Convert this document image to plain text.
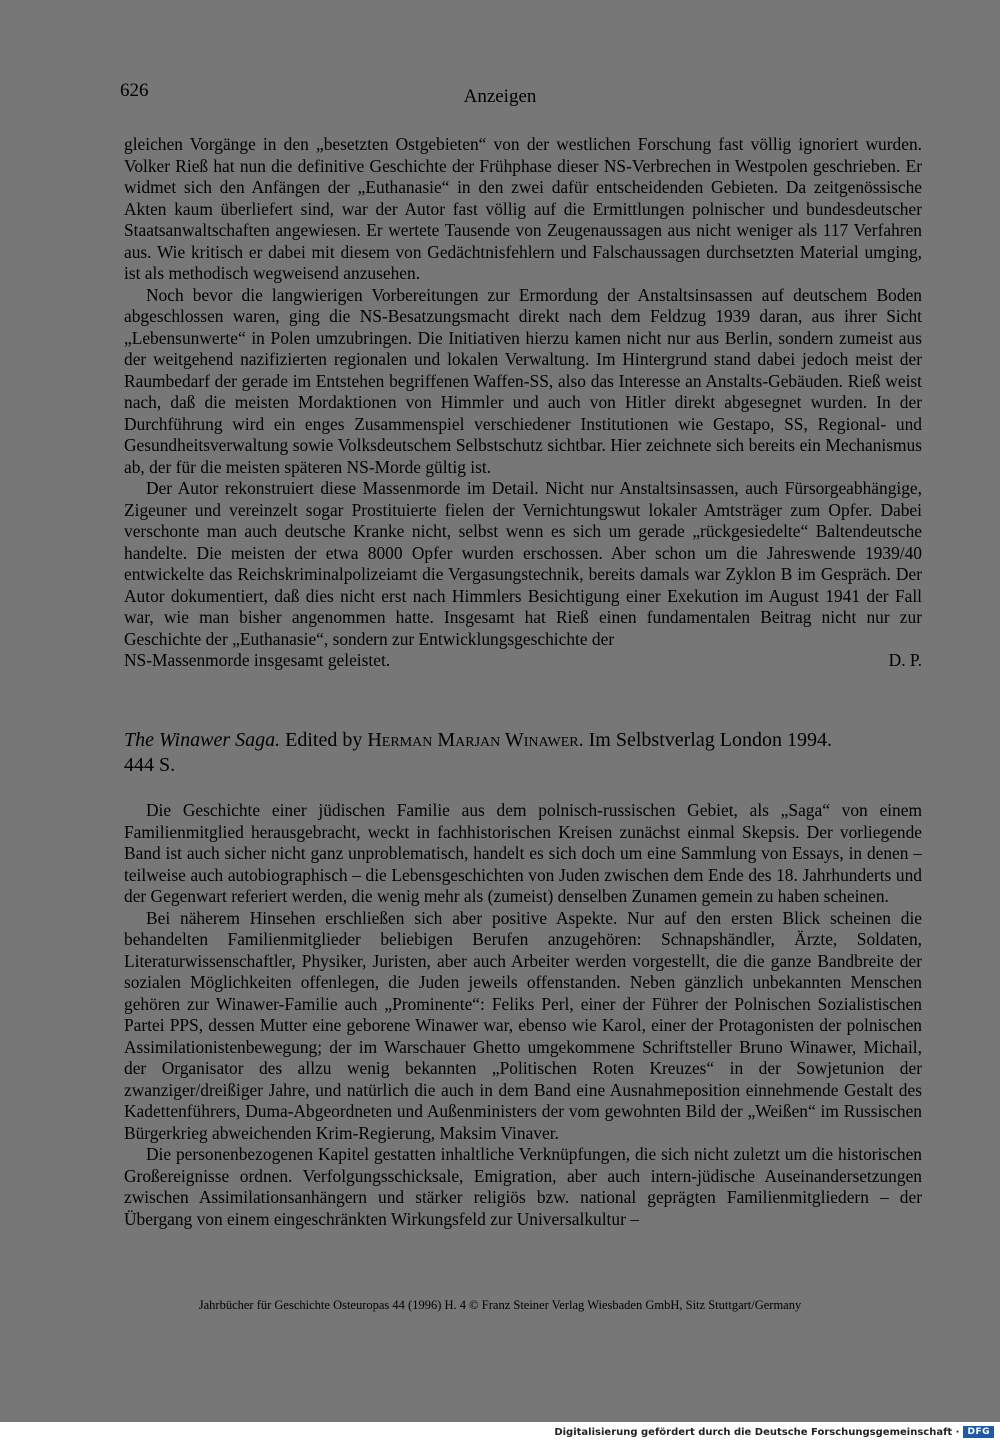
626	Anzeigen

gleichen Vorgänge in den „besetzten Ostgebieten“ von der westlichen Forschung fast völlig ignoriert wurden. Volker Rieß hat nun die definitive Geschichte der Frühphase dieser NS-Verbrechen in Westpolen geschrieben. Er widmet sich den Anfängen der „Euthanasie“ in den zwei dafür entscheidenden Gebieten. Da zeitgenössische Akten kaum überliefert sind, war der Autor fast völlig auf die Ermittlungen polnischer und bundesdeutscher Staatsanwaltschaften angewiesen. Er wertete Tausende von Zeugenaussagen aus nicht weniger als 117 Verfahren aus. Wie kritisch er dabei mit diesem von Gedächtnisfehlern und Falschaussagen durchsetzten Material umging, ist als methodisch wegweisend anzusehen.

Noch bevor die langwierigen Vorbereitungen zur Ermordung der Anstaltsinsassen auf deutschem Boden abgeschlossen waren, ging die NS-Besatzungsmacht direkt nach dem Feldzug 1939 daran, aus ihrer Sicht „Lebensunwerte“ in Polen umzubringen. Die Initiativen hierzu kamen nicht nur aus Berlin, sondern zumeist aus der weitgehend nazifizierten regionalen und lokalen Verwaltung. Im Hintergrund stand dabei jedoch meist der Raumbedarf der gerade im Entstehen begriffenen Waffen-SS, also das Interesse an Anstalts-Gebäuden. Rieß weist nach, daß die meisten Mordaktionen von Himmler und auch von Hitler direkt abgesegnet wurden. In der Durchführung wird ein enges Zusammenspiel verschiedener Institutionen wie Gestapo, SS, Regional- und Gesundheitsverwaltung sowie Volksdeutschem Selbstschutz sichtbar. Hier zeichnete sich bereits ein Mechanismus ab, der für die meisten späteren NS-Morde gültig ist.

Der Autor rekonstruiert diese Massenmorde im Detail. Nicht nur Anstaltsinsassen, auch Fürsorgeabhängige, Zigeuner und vereinzelt sogar Prostituierte fielen der Vernichtungswut lokaler Amtsträger zum Opfer. Dabei verschonte man auch deutsche Kranke nicht, selbst wenn es sich um gerade „rückgesiedelte“ Baltendeutsche handelte. Die meisten der etwa 8000 Opfer wurden erschossen. Aber schon um die Jahreswende 1939/40 entwickelte das Reichskriminalpolizeiamt die Vergasungstechnik, bereits damals war Zyklon B im Gespräch. Der Autor dokumentiert, daß dies nicht erst nach Himmlers Besichtigung einer Exekution im August 1941 der Fall war, wie man bisher angenommen hatte. Insgesamt hat Rieß einen fundamentalen Beitrag nicht nur zur Geschichte der „Euthanasie“, sondern zur Entwicklungsgeschichte der

NS-Massenmorde insgesamt geleistet.	D. P.
The Winawer Saga. Edited by Herman Marjan Winawer. Im Selbstverlag London 1994.
444 S.

Die Geschichte einer jüdischen Familie aus dem polnisch-russischen Gebiet, als „Saga“ von einem Familienmitglied herausgebracht, weckt in fachhistorischen Kreisen zunächst einmal Skepsis. Der vorliegende Band ist auch sicher nicht ganz unproblematisch, handelt es sich doch um eine Sammlung von Essays, in denen – teilweise auch autobiographisch – die Lebensgeschichten von Juden zwischen dem Ende des 18. Jahrhunderts und der Gegenwart referiert werden, die wenig mehr als (zumeist) denselben Zunamen gemein zu haben scheinen.

Bei näherem Hinsehen erschließen sich aber positive Aspekte. Nur auf den ersten Blick scheinen die behandelten Familienmitglieder beliebigen Berufen anzugehören: Schnapshändler, Ärzte, Soldaten, Literaturwissenschaftler, Physiker, Juristen, aber auch Arbeiter werden vorgestellt, die die ganze Bandbreite der sozialen Möglichkeiten offenlegen, die Juden jeweils offenstanden. Neben gänzlich unbekannten Menschen gehören zur Winawer-Familie auch „Prominente“: Feliks Perl, einer der Führer der Polnischen Sozialistischen Partei PPS, dessen Mutter eine geborene Winawer war, ebenso wie Karol, einer der Protagonisten der polnischen Assimilationistenbewegung; der im Warschauer Ghetto umgekommene Schriftsteller Bruno Winawer, Michail, der Organisator des allzu wenig bekannten „Politischen Roten Kreuzes“ in der Sowjetunion der zwanziger/dreißiger Jahre, und natürlich die auch in dem Band eine Ausnahmeposition einnehmende Gestalt des Kadettenführers, Duma-Abgeordneten und Außenministers der vom gewohnten Bild der „Weißen“ im Russischen Bürgerkrieg abweichenden Krim-Regierung, Maksim Vinaver.

Die personenbezogenen Kapitel gestatten inhaltliche Verknüpfungen, die sich nicht zuletzt um die historischen Großereignisse ordnen. Verfolgungsschicksale, Emigration, aber auch intern-jüdische Auseinandersetzungen zwischen Assimilationsanhängern und stärker religiös bzw. national geprägten Familienmitgliedern – der Übergang von einem eingeschränkten Wirkungsfeld zur Universalkultur –

Jahrbücher für Geschichte Osteuropas 44 (1996) H. 4 © Franz Steiner Verlag Wiesbaden GmbH, Sitz Stuttgart/Germany
Digitalisierung gefördert durch die Deutsche Forschungsgemeinschaft · DFG
